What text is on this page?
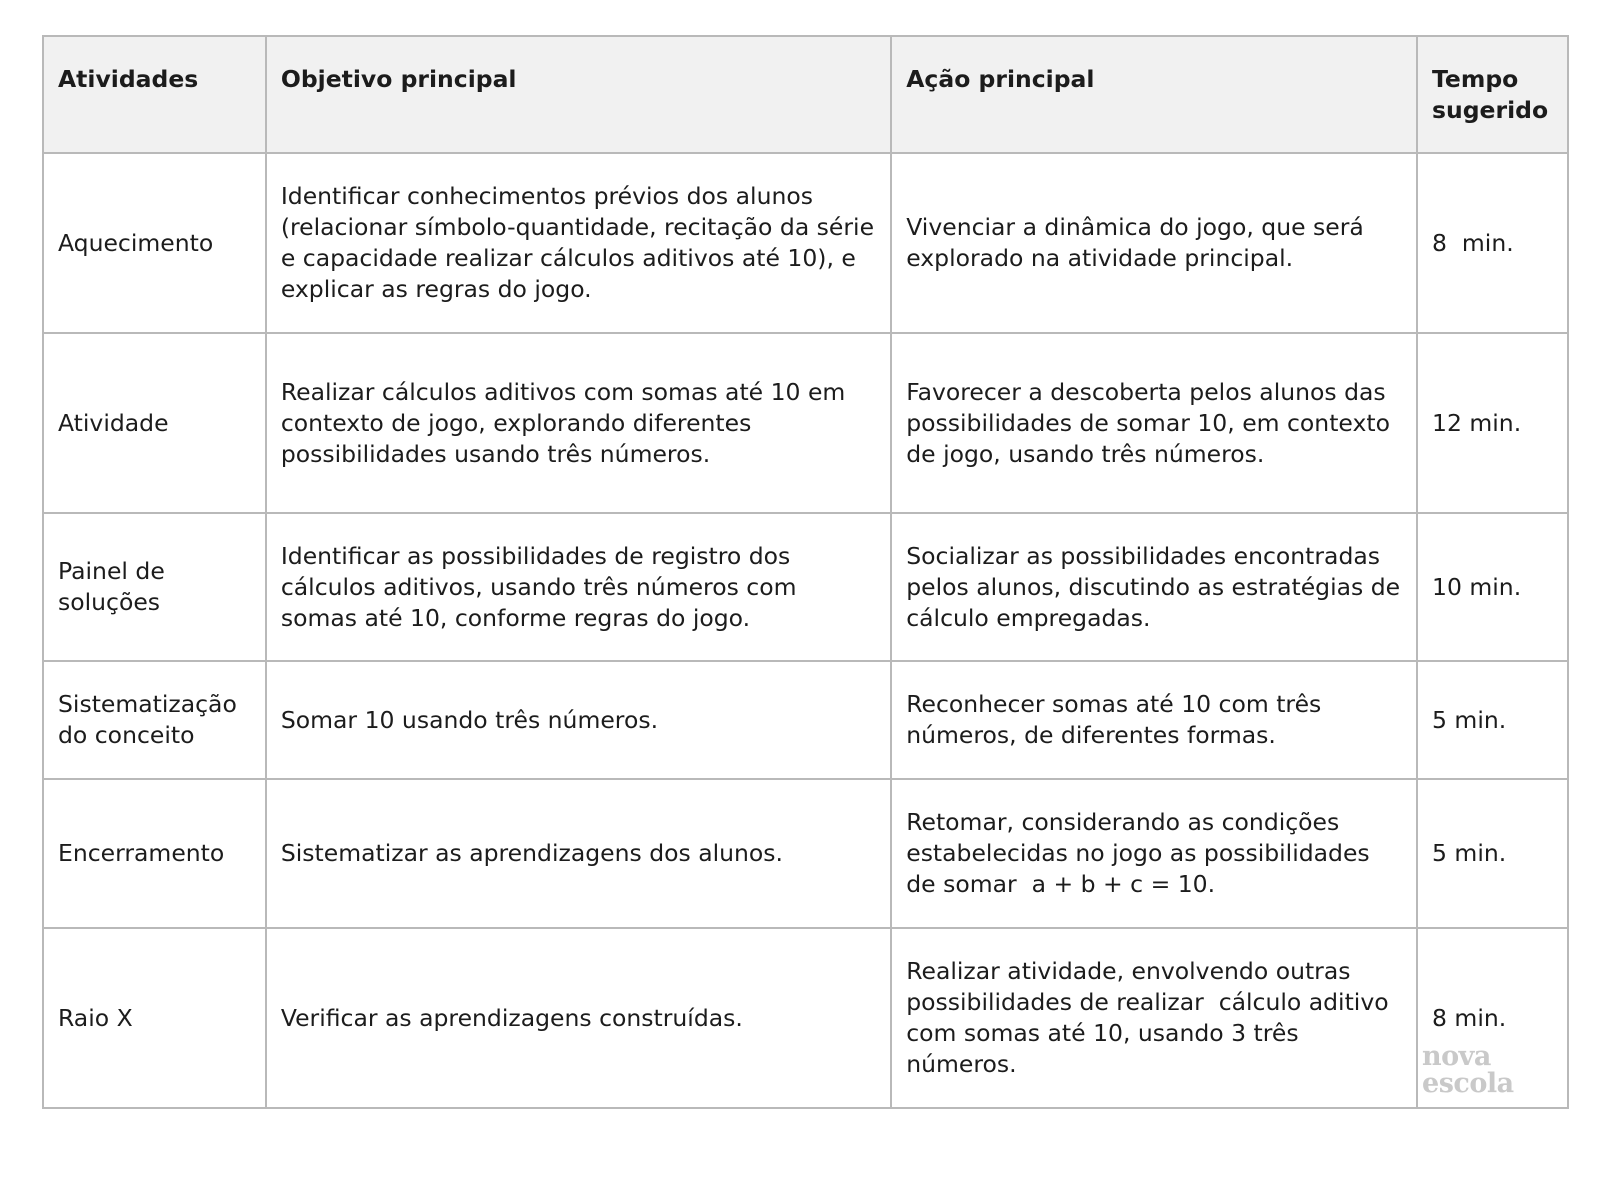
Atividades	Objetivo principal	Ação principal	Tempo sugerido
Aquecimento	Identificar conhecimentos prévios dos alunos (relacionar símbolo-quantidade, recitação da série e capacidade realizar cálculos aditivos até 10), e explicar as regras do jogo.	Vivenciar a dinâmica do jogo, que será explorado na atividade principal.	8  min.
Atividade	Realizar cálculos aditivos com somas até 10 em contexto de jogo, explorando diferentes possibilidades usando três números.	Favorecer a descoberta pelos alunos das possibilidades de somar 10, em contexto de jogo, usando três números.	12 min.
Painel de soluções	Identificar as possibilidades de registro dos cálculos aditivos, usando três números com somas até 10, conforme regras do jogo.	Socializar as possibilidades encontradas pelos alunos, discutindo as estratégias de cálculo empregadas.	10 min.
Sistematização do conceito	Somar 10 usando três números.	Reconhecer somas até 10 com três números, de diferentes formas.	5 min.
Encerramento	Sistematizar as aprendizagens dos alunos.	Retomar, considerando as condições estabelecidas no jogo as possibilidades de somar  a + b + c = 10.	5 min.
Raio X	Verificar as aprendizagens construídas.	Realizar atividade, envolvendo outras possibilidades de realizar  cálculo aditivo com somas até 10, usando 3 três números.	8 min.
nova
escola
